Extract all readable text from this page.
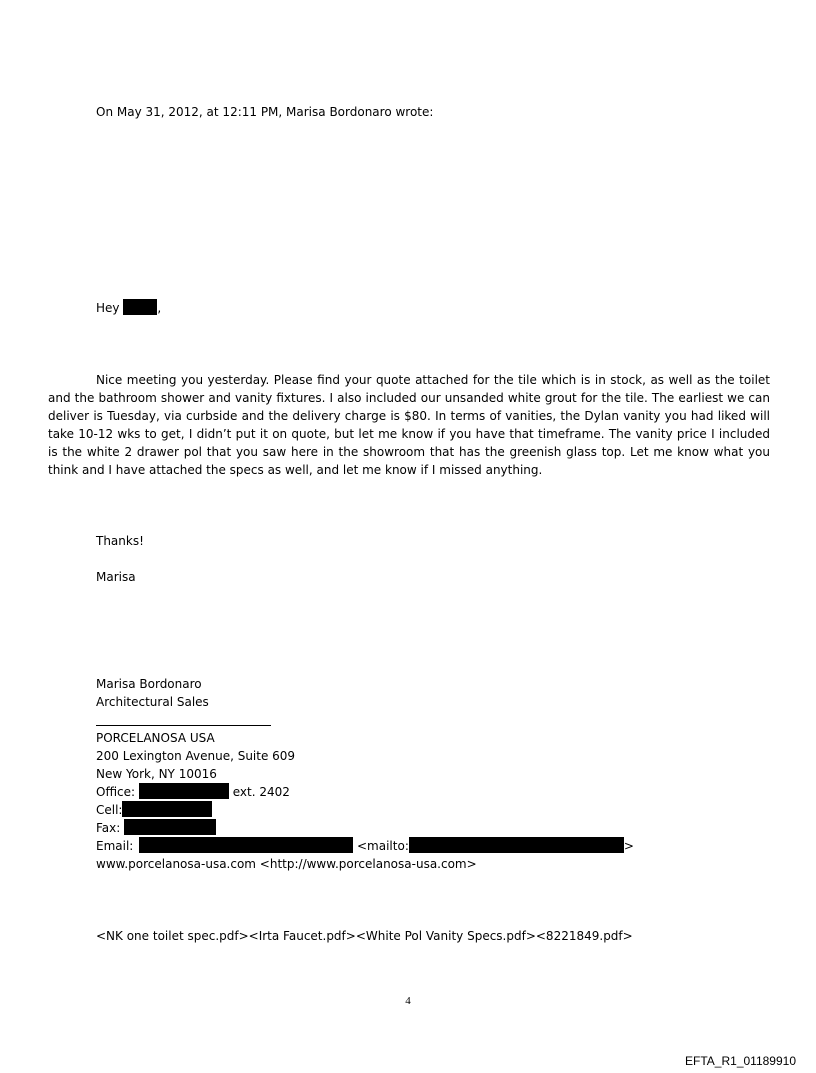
On May 31, 2012, at 12:11 PM, Marisa Bordonaro wrote:
Hey	,
Nice meeting you yesterday. Please find your quote attached for the tile which is in stock, as well as the toilet and the bathroom shower and vanity fixtures. I also included our unsanded white grout for the tile. The earliest we can deliver is Tuesday, via curbside and the delivery charge is $80. In terms of vanities, the Dylan vanity you had liked will take 10-12 wks to get, I didn’t put it on quote, but let me know if you have that timeframe. The vanity price I included is the white 2 drawer pol that you saw here in the showroom that has the greenish glass top. Let me know what you think and I have attached the specs as well, and let me know if I missed anything.
Thanks!
Marisa
Marisa Bordonaro
Architectural Sales
PORCELANOSA USA
200 Lexington Avenue, Suite 609
New York, NY 10016
Office:	ext. 2402
Cell:
Fax:
Email:	<mailto:	>
www.porcelanosa-usa.com <http://www.porcelanosa-usa.com>
<NK one toilet spec.pdf><Irta Faucet.pdf><White Pol Vanity Specs.pdf><8221849.pdf>
4
EFTA_R1_01189910
